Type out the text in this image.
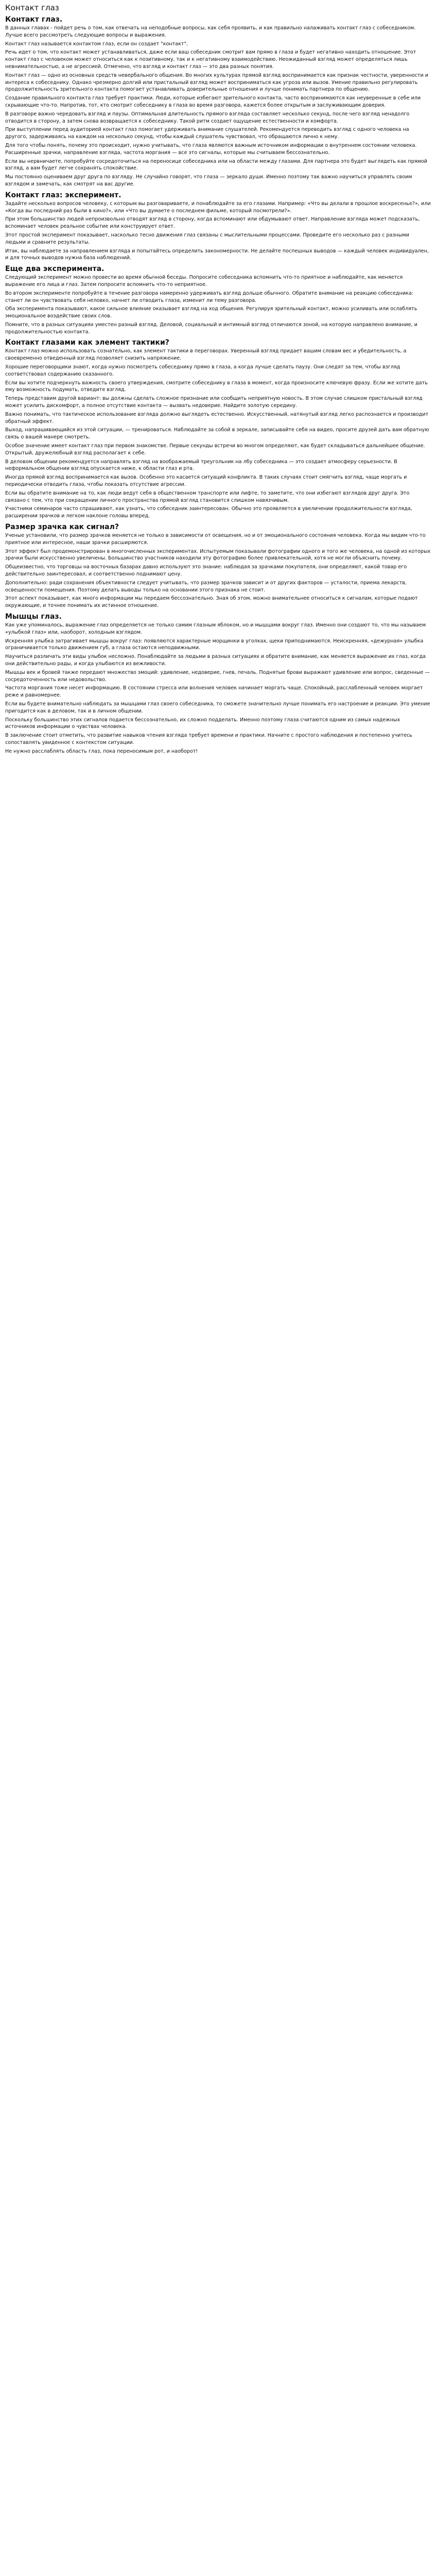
Контакт глаз
Контакт глаз.
В данных главах - пойдет речь о том, как отвечать на неподобные вопросы, как себя проявить, и как правильно налаживать контакт глаз с собеседником. Лучше всего рассмотреть следующие вопросы и выражения.
Контакт глаз называется контактом глаз, если он создает "контакт".
Речь идет о том, что контакт может устанавливаться, даже если ваш собеседник смотрит вам прямо в глаза и будет негативно находить отношение. Этот контакт глаз с человеком может относиться как к позитивному, так и к негативному взаимодействию. Неожиданный взгляд может определяться лишь невнимательностью, а не агрессией. Отмечено, что взгляд и контакт глаз — это два разных понятия.
Контакт глаз — одно из основных средств невербального общения. Во многих культурах прямой взгляд воспринимается как признак честности, уверенности и интереса к собеседнику. Однако чрезмерно долгий или пристальный взгляд может восприниматься как угроза или вызов. Умение правильно регулировать продолжительность зрительного контакта помогает устанавливать доверительные отношения и лучше понимать партнера по общению.
Создание правильного контакта глаз требует практики. Люди, которые избегают зрительного контакта, часто воспринимаются как неуверенные в себе или скрывающие что-то. Напротив, тот, кто смотрит собеседнику в глаза во время разговора, кажется более открытым и заслуживающим доверия.
В разговоре важно чередовать взгляд и паузы. Оптимальная длительность прямого взгляда составляет несколько секунд, после чего взгляд ненадолго отводится в сторону, а затем снова возвращается к собеседнику. Такой ритм создает ощущение естественности и комфорта.
При выступлении перед аудиторией контакт глаз помогает удерживать внимание слушателей. Рекомендуется переводить взгляд с одного человека на другого, задерживаясь на каждом на несколько секунд, чтобы каждый слушатель чувствовал, что обращаются лично к нему.
Для того чтобы понять, почему это происходит, нужно учитывать, что глаза являются важным источником информации о внутреннем состоянии человека. Расширенные зрачки, направление взгляда, частота моргания — все это сигналы, которые мы считываем бессознательно.
Если вы нервничаете, попробуйте сосредоточиться на переносице собеседника или на области между глазами. Для партнера это будет выглядеть как прямой взгляд, а вам будет легче сохранять спокойствие.
Мы постоянно оцениваем друг друга по взгляду. Не случайно говорят, что глаза — зеркало души. Именно поэтому так важно научиться управлять своим взглядом и замечать, как смотрят на вас другие.
Контакт глаз: эксперимент.
Задайте несколько вопросов человеку, с которым вы разговариваете, и понаблюдайте за его глазами. Например: «Что вы делали в прошлое воскресенье?», или «Когда вы последний раз были в кино?», или «Что вы думаете о последнем фильме, который посмотрели?».
При этом большинство людей непроизвольно отводят взгляд в сторону, когда вспоминают или обдумывают ответ. Направление взгляда может подсказать, вспоминает человек реальное событие или конструирует ответ.
Этот простой эксперимент показывает, насколько тесно движения глаз связаны с мыслительными процессами. Проведите его несколько раз с разными людьми и сравните результаты.
Итак, вы наблюдаете за направлением взгляда и попытайтесь определить закономерности. Не делайте поспешных выводов — каждый человек индивидуален, и для точных выводов нужна база наблюдений.
Еще два эксперимента.
Следующий эксперимент можно провести во время обычной беседы. Попросите собеседника вспомнить что-то приятное и наблюдайте, как меняется выражение его лица и глаз. Затем попросите вспомнить что-то неприятное.
Во втором эксперименте попробуйте в течение разговора намеренно удерживать взгляд дольше обычного. Обратите внимание на реакцию собеседника: станет ли он чувствовать себя неловко, начнет ли отводить глаза, изменит ли тему разговора.
Оба эксперимента показывают, какое сильное влияние оказывает взгляд на ход общения. Регулируя зрительный контакт, можно усиливать или ослаблять эмоциональное воздействие своих слов.
Помните, что в разных ситуациях уместен разный взгляд. Деловой, социальный и интимный взгляд отличаются зоной, на которую направлено внимание, и продолжительностью контакта.
Контакт глазами как элемент тактики?
Контакт глаз можно использовать сознательно, как элемент тактики в переговорах. Уверенный взгляд придает вашим словам вес и убедительность, а своевременно отведенный взгляд позволяет снизить напряжение.
Хорошие переговорщики знают, когда нужно посмотреть собеседнику прямо в глаза, а когда лучше сделать паузу. Они следят за тем, чтобы взгляд соответствовал содержанию сказанного.
Если вы хотите подчеркнуть важность своего утверждения, смотрите собеседнику в глаза в момент, когда произносите ключевую фразу. Если же хотите дать ему возможность подумать, отведите взгляд.
Теперь представим другой вариант: вы должны сделать сложное признание или сообщить неприятную новость. В этом случае слишком пристальный взгляд может усилить дискомфорт, а полное отсутствие контакта — вызвать недоверие. Найдите золотую середину.
Важно понимать, что тактическое использование взгляда должно выглядеть естественно. Искусственный, натянутый взгляд легко распознается и производит обратный эффект.
Выход, напрашивающийся из этой ситуации, — тренироваться. Наблюдайте за собой в зеркале, записывайте себя на видео, просите друзей дать вам обратную связь о вашей манере смотреть.
Особое значение имеет контакт глаз при первом знакомстве. Первые секунды встречи во многом определяют, как будет складываться дальнейшее общение. Открытый, дружелюбный взгляд располагает к себе.
В деловом общении рекомендуется направлять взгляд на воображаемый треугольник на лбу собеседника — это создает атмосферу серьезности. В неформальном общении взгляд опускается ниже, к области глаз и рта.
Иногда прямой взгляд воспринимается как вызов. Особенно это касается ситуаций конфликта. В таких случаях стоит смягчить взгляд, чаще моргать и периодически отводить глаза, чтобы показать отсутствие агрессии.
Если вы обратите внимание на то, как люди ведут себя в общественном транспорте или лифте, то заметите, что они избегают взглядов друг друга. Это связано с тем, что при сокращении личного пространства прямой взгляд становится слишком навязчивым.
Участники семинаров часто спрашивают, как узнать, что собеседник заинтересован. Обычно это проявляется в увеличении продолжительности взгляда, расширении зрачков и легком наклоне головы вперед.
Размер зрачка как сигнал?
Ученые установили, что размер зрачков меняется не только в зависимости от освещения, но и от эмоционального состояния человека. Когда мы видим что-то приятное или интересное, наши зрачки расширяются.
Этот эффект был продемонстрирован в многочисленных экспериментах. Испытуемым показывали фотографии одного и того же человека, на одной из которых зрачки были искусственно увеличены. Большинство участников находили эту фотографию более привлекательной, хотя не могли объяснить почему.
Общеизвестно, что торговцы на восточных базарах давно используют это знание: наблюдая за зрачками покупателя, они определяют, какой товар его действительно заинтересовал, и соответственно поднимают цену.
Дополнительно: ради сохранения объективности следует учитывать, что размер зрачков зависит и от других факторов — усталости, приема лекарств, освещенности помещения. Поэтому делать выводы только на основании этого признака не стоит.
Этот аспект показывает, как много информации мы передаем бессознательно. Зная об этом, можно внимательнее относиться к сигналам, которые подают окружающие, и точнее понимать их истинное отношение.
Мышцы глаз.
Как уже упоминалось, выражение глаз определяется не только самим глазным яблоком, но и мышцами вокруг глаз. Именно они создают то, что мы называем «улыбкой глаз» или, наоборот, холодным взглядом.
Искренняя улыбка затрагивает мышцы вокруг глаз: появляются характерные морщинки в уголках, щеки приподнимаются. Неискренняя, «дежурная» улыбка ограничивается только движением губ, а глаза остаются неподвижными.
Научиться различать эти виды улыбок несложно. Понаблюдайте за людьми в разных ситуациях и обратите внимание, как меняется выражение их глаз, когда они действительно рады, и когда улыбаются из вежливости.
Мышцы век и бровей также передают множество эмоций: удивление, недоверие, гнев, печаль. Поднятые брови выражают удивление или вопрос, сведенные — сосредоточенность или недовольство.
Частота моргания тоже несет информацию. В состоянии стресса или волнения человек начинает моргать чаще. Спокойный, расслабленный человек моргает реже и равномернее.
Если вы будете внимательно наблюдать за мышцами глаз своего собеседника, то сможете значительно лучше понимать его настроение и реакции. Это умение пригодится как в деловом, так и в личном общении.
Поскольку большинство этих сигналов подается бессознательно, их сложно подделать. Именно поэтому глаза считаются одним из самых надежных источников информации о чувствах человека.
В заключение стоит отметить, что развитие навыков чтения взгляда требует времени и практики. Начните с простого наблюдения и постепенно учитесь сопоставлять увиденное с контекстом ситуации.
Не нужно расслаблять область глаз, пока переносимым рот, и наоборот!
